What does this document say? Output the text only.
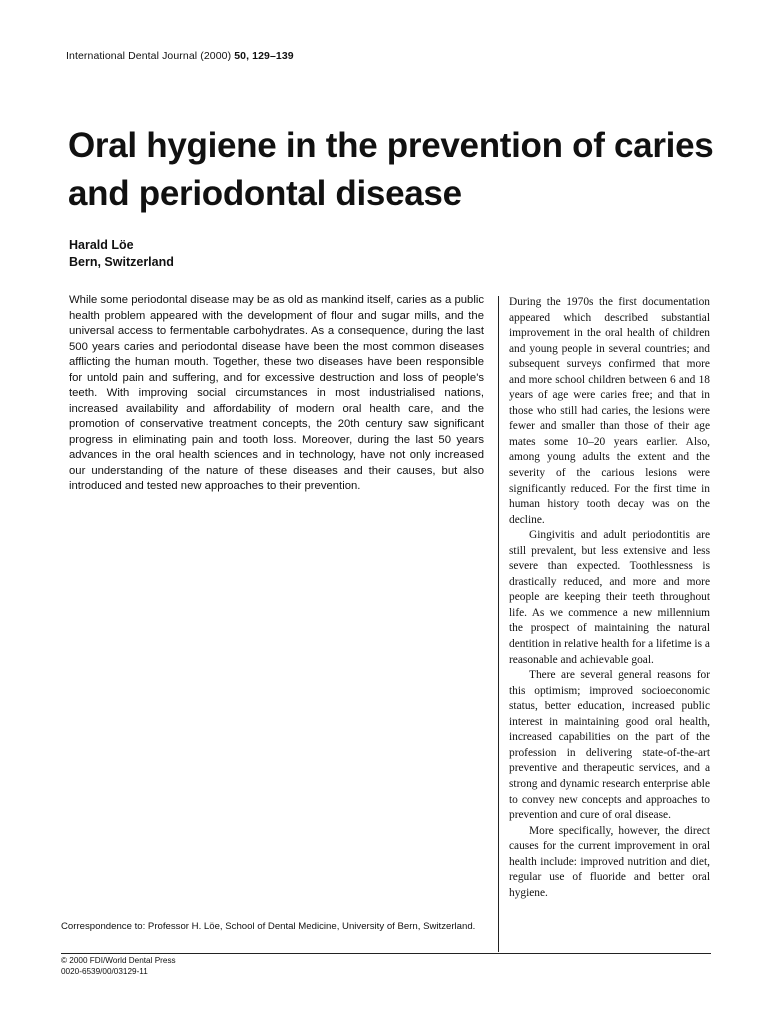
International Dental Journal (2000) 50, 129–139
Oral hygiene in the prevention of caries and periodontal disease
Harald Löe
Bern, Switzerland

While some periodontal disease may be as old as mankind itself, caries as a public health problem appeared with the development of flour and sugar mills, and the universal access to fermentable carbohydrates. As a consequence, during the last 500 years caries and periodontal disease have been the most common diseases afflicting the human mouth. Together, these two diseases have been responsible for untold pain and suffering, and for excessive destruction and loss of people's teeth. With improving social circumstances in most industrialised nations, increased availability and affordability of modern oral health care, and the promotion of conservative treatment concepts, the 20th century saw significant progress in eliminating pain and tooth loss. Moreover, during the last 50 years advances in the oral health sciences and in technology, have not only increased our understanding of the nature of these diseases and their causes, but also introduced and tested new approaches to their prevention.

During the 1970s the first documentation appeared which described substantial improvement in the oral health of children and young people in several countries; and subsequent surveys confirmed that more and more school children between 6 and 18 years of age were caries free; and that in those who still had caries, the lesions were fewer and smaller than those of their age mates some 10–20 years earlier. Also, among young adults the extent and the severity of the carious lesions were significantly reduced. For the first time in human history tooth decay was on the decline.

Gingivitis and adult periodontitis are still prevalent, but less extensive and less severe than expected. Toothlessness is drastically reduced, and more and more people are keeping their teeth throughout life. As we commence a new millennium the prospect of maintaining the natural dentition in relative health for a lifetime is a reasonable and achievable goal.

There are several general reasons for this optimism; improved socioeconomic status, better education, increased public interest in maintaining good oral health, increased capabilities on the part of the profession in delivering state-of-the-art preventive and therapeutic services, and a strong and dynamic research enterprise able to convey new concepts and approaches to prevention and cure of oral disease.

More specifically, however, the direct causes for the current improvement in oral health include: improved nutrition and diet, regular use of fluoride and better oral hygiene.

Correspondence to: Professor H. Löe, School of Dental Medicine, University of Bern, Switzerland.

© 2000 FDI/World Dental Press
0020-6539/00/03129-11
